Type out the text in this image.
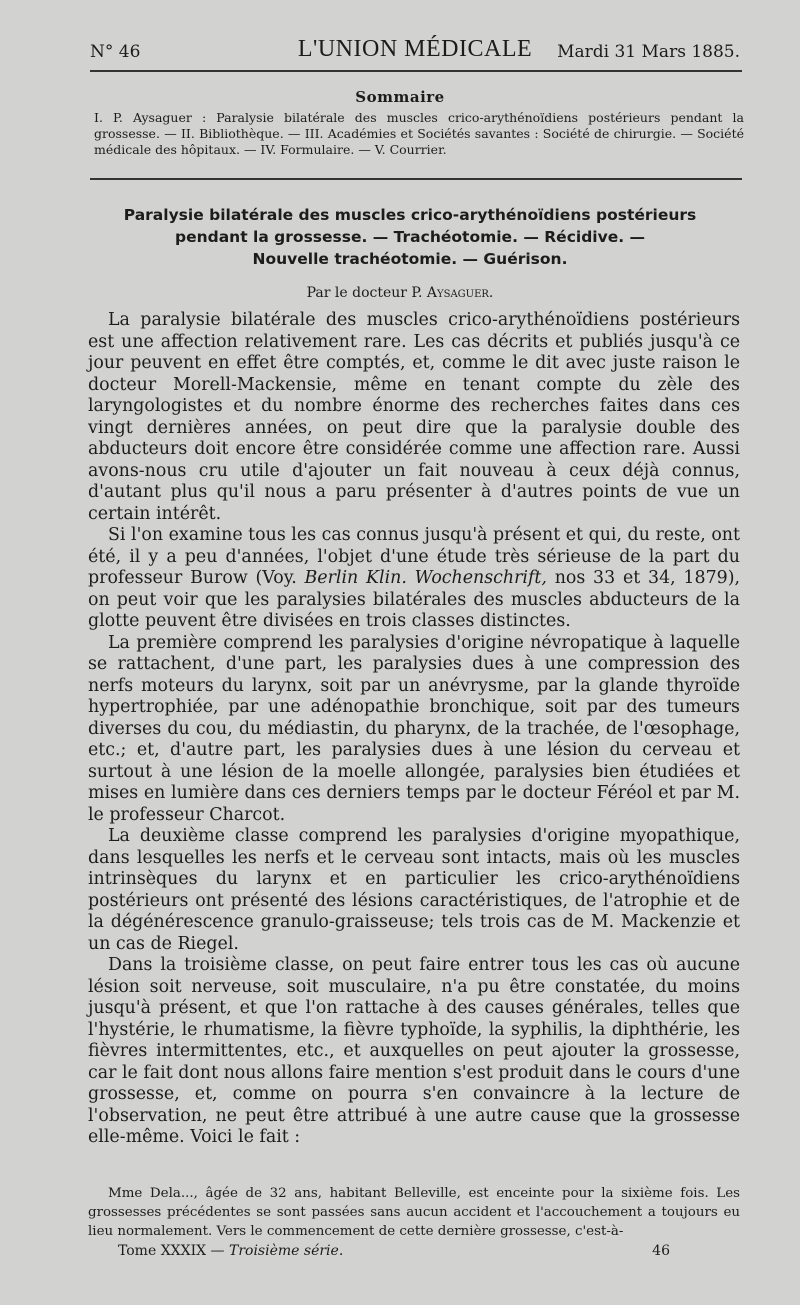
N° 46	L'UNION MÉDICALE	Mardi 31 Mars 1885.
Sommaire
I. P. Aysaguer : Paralysie bilatérale des muscles crico-arythénoïdiens postérieurs pendant la grossesse. — II. Bibliothèque. — III. Académies et Sociétés savantes : Société de chirurgie. — Société médicale des hôpitaux. — IV. Formulaire. — V. Courrier.
Paralysie bilatérale des muscles crico-arythénoïdiens postérieurs
pendant la grossesse. — Trachéotomie. — Récidive. —
Nouvelle trachéotomie. — Guérison.
Par le docteur P. Aysaguer.

La paralysie bilatérale des muscles crico-arythénoïdiens postérieurs est une affection relativement rare. Les cas décrits et publiés jusqu'à ce jour peuvent en effet être comptés, et, comme le dit avec juste raison le docteur Morell-Mackensie, même en tenant compte du zèle des laryngologistes et du nombre énorme des recherches faites dans ces vingt dernières années, on peut dire que la paralysie double des abducteurs doit encore être considérée comme une affection rare. Aussi avons-nous cru utile d'ajouter un fait nouveau à ceux déjà connus, d'autant plus qu'il nous a paru présenter à d'autres points de vue un certain intérêt.

Si l'on examine tous les cas connus jusqu'à présent et qui, du reste, ont été, il y a peu d'années, l'objet d'une étude très sérieuse de la part du professeur Burow (Voy. Berlin Klin. Wochenschrift, nos 33 et 34, 1879), on peut voir que les paralysies bilatérales des muscles abducteurs de la glotte peuvent être divisées en trois classes distinctes.

La première comprend les paralysies d'origine névropatique à laquelle se rattachent, d'une part, les paralysies dues à une compression des nerfs moteurs du larynx, soit par un anévrysme, par la glande thyroïde hypertrophiée, par une adénopathie bronchique, soit par des tumeurs diverses du cou, du médiastin, du pharynx, de la trachée, de l'œsophage, etc.; et, d'autre part, les paralysies dues à une lésion du cerveau et surtout à une lésion de la moelle allongée, paralysies bien étudiées et mises en lumière dans ces derniers temps par le docteur Féréol et par M. le professeur Charcot.

La deuxième classe comprend les paralysies d'origine myopathique, dans lesquelles les nerfs et le cerveau sont intacts, mais où les muscles intrinsèques du larynx et en particulier les crico-arythénoïdiens postérieurs ont présenté des lésions caractéristiques, de l'atrophie et de la dégénérescence granulo-graisseuse; tels trois cas de M. Mackenzie et un cas de Riegel.

Dans la troisième classe, on peut faire entrer tous les cas où aucune lésion soit nerveuse, soit musculaire, n'a pu être constatée, du moins jusqu'à présent, et que l'on rattache à des causes générales, telles que l'hystérie, le rhumatisme, la fièvre typhoïde, la syphilis, la diphthérie, les fièvres intermittentes, etc., et auxquelles on peut ajouter la grossesse, car le fait dont nous allons faire mention s'est produit dans le cours d'une grossesse, et, comme on pourra s'en convaincre à la lecture de l'observation, ne peut être attribué à une autre cause que la grossesse elle-même. Voici le fait :

Mme Dela..., âgée de 32 ans, habitant Belleville, est enceinte pour la sixième fois. Les grossesses précédentes se sont passées sans aucun accident et l'accouchement a toujours eu lieu normalement. Vers le commencement de cette dernière grossesse, c'est-à-

Tome XXXIX — Troisième série.	46
